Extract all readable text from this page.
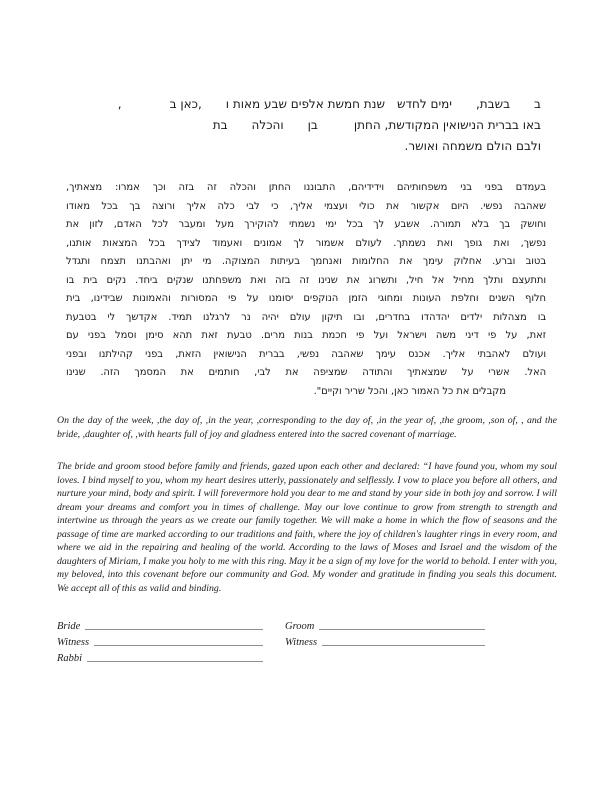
ב  בשבת,  ימים לחדש שנת חמשת אלפים שבע מאות ו  ,כאן ב    ,
באו בברית הנישואין המקודשת, החתן   בן  והכלה  בת
ולבם הולם משמחה ואושר.
בעמדם בפני בני משפחותיהם וידידיהם, התבוננו החתן והכלה זה בזה וכך אמרו: מצאתיך,
שאהבה נפשי. היום אקשור את כולי ועצמי אליך, כי לבי כלה אליך ורוצה בך בכל מאודו
וחושק בך בלא תמורה. אשבע לך בכל ימי נשמתי להוקירך מעל ומעבר לכל האדם, לזון את
נפשך, ואת גופך ואת נשמתך. לעולם אשמור לך אמונים ואעמוד לצידך בכל המצאות אותנו,
בטוב וברע. אחלוק עימך את החלומות ואנחמך בעיתות המצוקה. מי יתן ואהבתנו תצמח ותגדל
ותתעצם ותלך מחיל אל חיל, ותשרוג את שנינו זה בזה ואת משפחתנו שנקים ביחד. נקים בית בו
חלוף השנים וחלפת העונות ומחוגי הזמן הנוקפים יסומנו על פי המסורות והאמונות שבידינו, בית
בו מצהלות ילדים יהדהדו בחדרים, ובו תיקון עולם יהיה נר לרגלנו תמיד. אקדשך לי בטבעת
זאת, על פי דיני משה וישראל ועל פי חכמת בנות מרים. טבעת זאת תהא סימן וסמל בפני עם
ועולם לאהבתי אליך. אכנס עימך שאהבה נפשי, בברית הנישואין הזאת, בפני קהילתנו ובפני
האל. אשרי על שמצאתיך והתודה שמציפה את לבי, חותמים את המסמך הזה. שנינו
מקבלים את כל האמור כאן, והכל שריר וקיים".

On the day of the week, ,the day of, ,in the year, ,corresponding to the day of, ,in the year of, ,the groom, ,son of, , and the bride, ,daughter of, ,with hearts full of joy and gladness entered into the sacred covenant of marriage.

The bride and groom stood before family and friends, gazed upon each other and declared: “I have found you, whom my soul loves. I bind myself to you, whom my heart desires utterly, passionately and selflessly. I vow to place you before all others, and nurture your mind, body and spirit. I will forevermore hold you dear to me and stand by your side in both joy and sorrow. I will dream your dreams and comfort you in times of challenge. May our love continue to grow from strength to strength and intertwine us through the years as we create our family together. We will make a home in which the flow of seasons and the passage of time are marked according to our traditions and faith, where the joy of children's laughter rings in every room, and where we aid in the repairing and healing of the world. According to the laws of Moses and Israel and the wisdom of the daughters of Miriam, I make you holy to me with this ring. May it be a sign of my love for the world to behold. I enter with you, my beloved, into this covenant before our community and God. My wonder and gratitude in finding you seals this document. We accept all of this as valid and binding.

Bride
Witness
Rabbi
Groom
Witness
